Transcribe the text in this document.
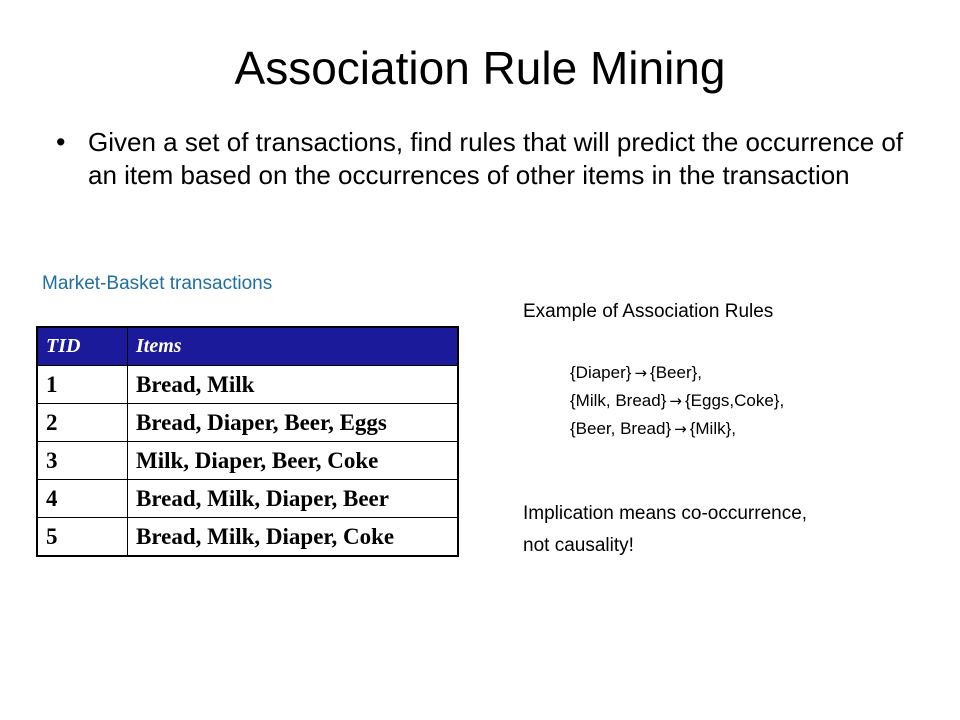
Association Rule Mining
• Given a set of transactions, find rules that will predict the occurrence of an item based on the occurrences of other items in the transaction
Market-Basket transactions
TID	Items
1	Bread, Milk
2	Bread, Diaper, Beer, Eggs
3	Milk, Diaper, Beer, Coke
4	Bread, Milk, Diaper, Beer
5	Bread, Milk, Diaper, Coke
Example of Association Rules
{Diaper} → {Beer},
{Milk, Bread} → {Eggs,Coke},
{Beer, Bread} → {Milk},
Implication means co-occurrence,
not causality!
